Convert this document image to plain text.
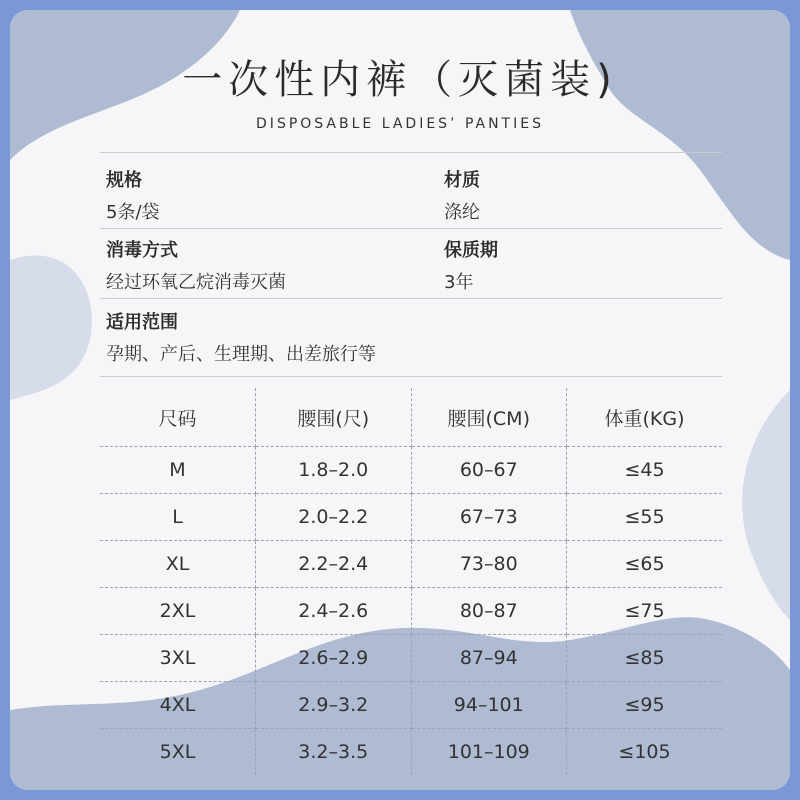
一次性内裤（灭菌装)
DISPOSABLE LADIES’ PANTIES
规格
5条/袋
材质
涤纶
消毒方式
经过环氧乙烷消毒灭菌
保质期
3年
适用范围
孕期、产后、生理期、出差旅行等
尺码	腰围(尺)	腰围(CM)	体重(KG)
M	1.8–2.0	60–67	≤45
L	2.0–2.2	67–73	≤55
XL	2.2–2.4	73–80	≤65
2XL	2.4–2.6	80–87	≤75
3XL	2.6–2.9	87–94	≤85
4XL	2.9–3.2	94–101	≤95
5XL	3.2–3.5	101–109	≤105
